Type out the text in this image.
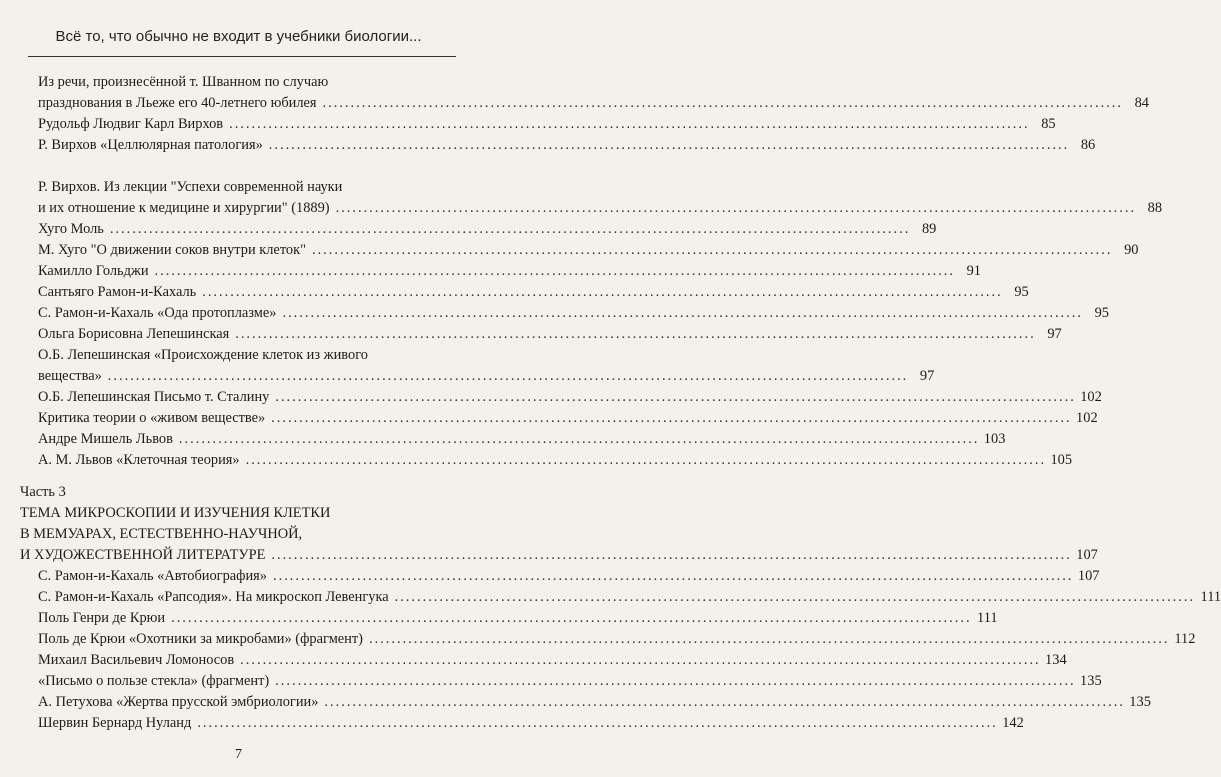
Всё то, что обычно не входит в учебники биологии...
Из речи, произнесённой т. Шванном по случаю
празднования в Льеже его 40-летнего юбилея ............................................................................................................................................... 84
Рудольф Людвиг Карл Вирхов ............................................................................................................................................... 85
Р. Вирхов «Целлюлярная патология» ............................................................................................................................................... 86
Р. Вирхов. Из лекции "Успехи современной науки
и их отношение к медицине и хирургии" (1889) ............................................................................................................................................... 88
Хуго Моль ............................................................................................................................................... 89
М. Хуго "О движении соков внутри клеток" ............................................................................................................................................... 90
Камилло Гольджи ............................................................................................................................................... 91
Сантьяго Рамон-и-Кахаль ............................................................................................................................................... 95
С. Рамон-и-Кахаль «Ода протоплазме» ............................................................................................................................................... 95
Ольга Борисовна Лепешинская ............................................................................................................................................... 97
О.Б. Лепешинская «Происхождение клеток из живого
вещества» ............................................................................................................................................... 97
О.Б. Лепешинская Письмо т. Сталину ............................................................................................................................................... 102
Критика теории о «живом веществе» ............................................................................................................................................... 102
Андре Мишель Львов ............................................................................................................................................... 103
А. М. Львов «Клеточная теория» ............................................................................................................................................... 105
ТЕМА МИКРОСКОПИИ И ИЗУЧЕНИЯ КЛЕТКИ
В МЕМУАРАХ, ЕСТЕСТВЕННО-НАУЧНОЙ,
И ХУДОЖЕСТВЕННОЙ ЛИТЕРАТУРЕ ............................................................................................................................................... 107
С. Рамон-и-Кахаль «Автобиография» ............................................................................................................................................... 107
С. Рамон-и-Кахаль «Рапсодия». На микроскоп Левенгука ............................................................................................................................................... 111
Поль Генри де Крюи ............................................................................................................................................... 111
Поль де Крюи «Охотники за микробами» (фрагмент) ............................................................................................................................................... 112
Михаил Васильевич Ломоносов ............................................................................................................................................... 134
«Письмо о пользе стекла» (фрагмент) ............................................................................................................................................... 135
А. Петухова «Жертва прусской эмбриологии» ............................................................................................................................................... 135
Шервин Бернард Нуланд ............................................................................................................................................... 142
Часть 3
7
